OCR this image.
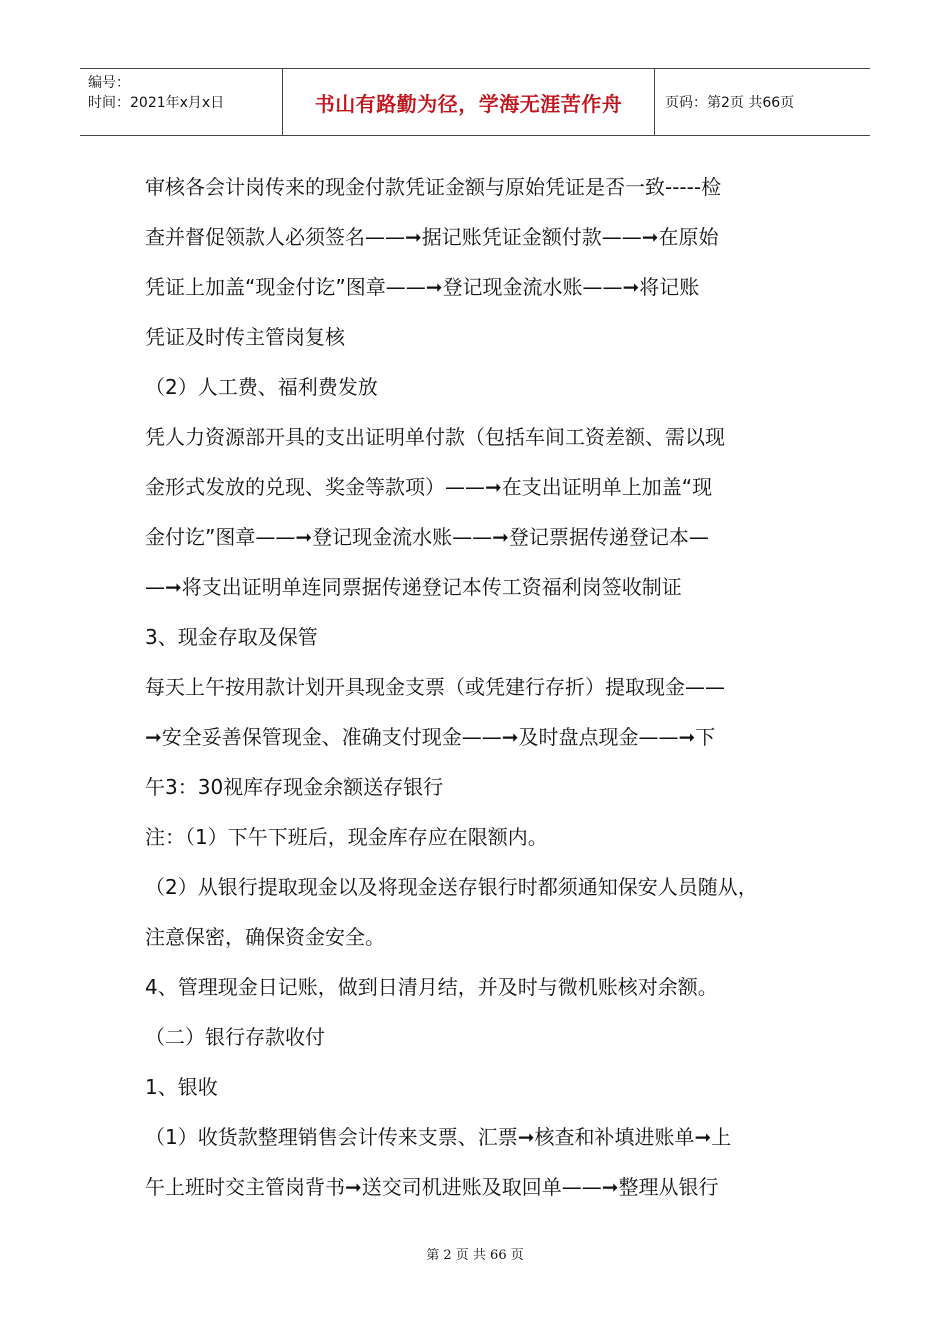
编号：
时间：2021年x月x日	书山有路勤为径，学海无涯苦作舟	页码：第2页 共66页

审核各会计岗传来的现金付款凭证金额与原始凭证是否一致-----检

查并督促领款人必须签名——➞据记账凭证金额付款——➞在原始

凭证上加盖“现金付讫”图章——➞登记现金流水账——➞将记账

凭证及时传主管岗复核

（2）人工费、福利费发放

凭人力资源部开具的支出证明单付款（包括车间工资差额、需以现

金形式发放的兑现、奖金等款项）——➞在支出证明单上加盖“现

金付讫”图章——➞登记现金流水账——➞登记票据传递登记本—

—➞将支出证明单连同票据传递登记本传工资福利岗签收制证

3、现金存取及保管

每天上午按用款计划开具现金支票（或凭建行存折）提取现金——

➞安全妥善保管现金、准确支付现金——➞及时盘点现金——➞下

午3：30视库存现金余额送存银行

注：（1）下午下班后，现金库存应在限额内。

（2）从银行提取现金以及将现金送存银行时都须通知保安人员随从，

注意保密，确保资金安全。

4、管理现金日记账，做到日清月结，并及时与微机账核对余额。

（二）银行存款收付

1、银收

（1）收货款整理销售会计传来支票、汇票➞核查和补填进账单➞上

午上班时交主管岗背书➞送交司机进账及取回单——➞整理从银行

第 2 页 共 66 页
